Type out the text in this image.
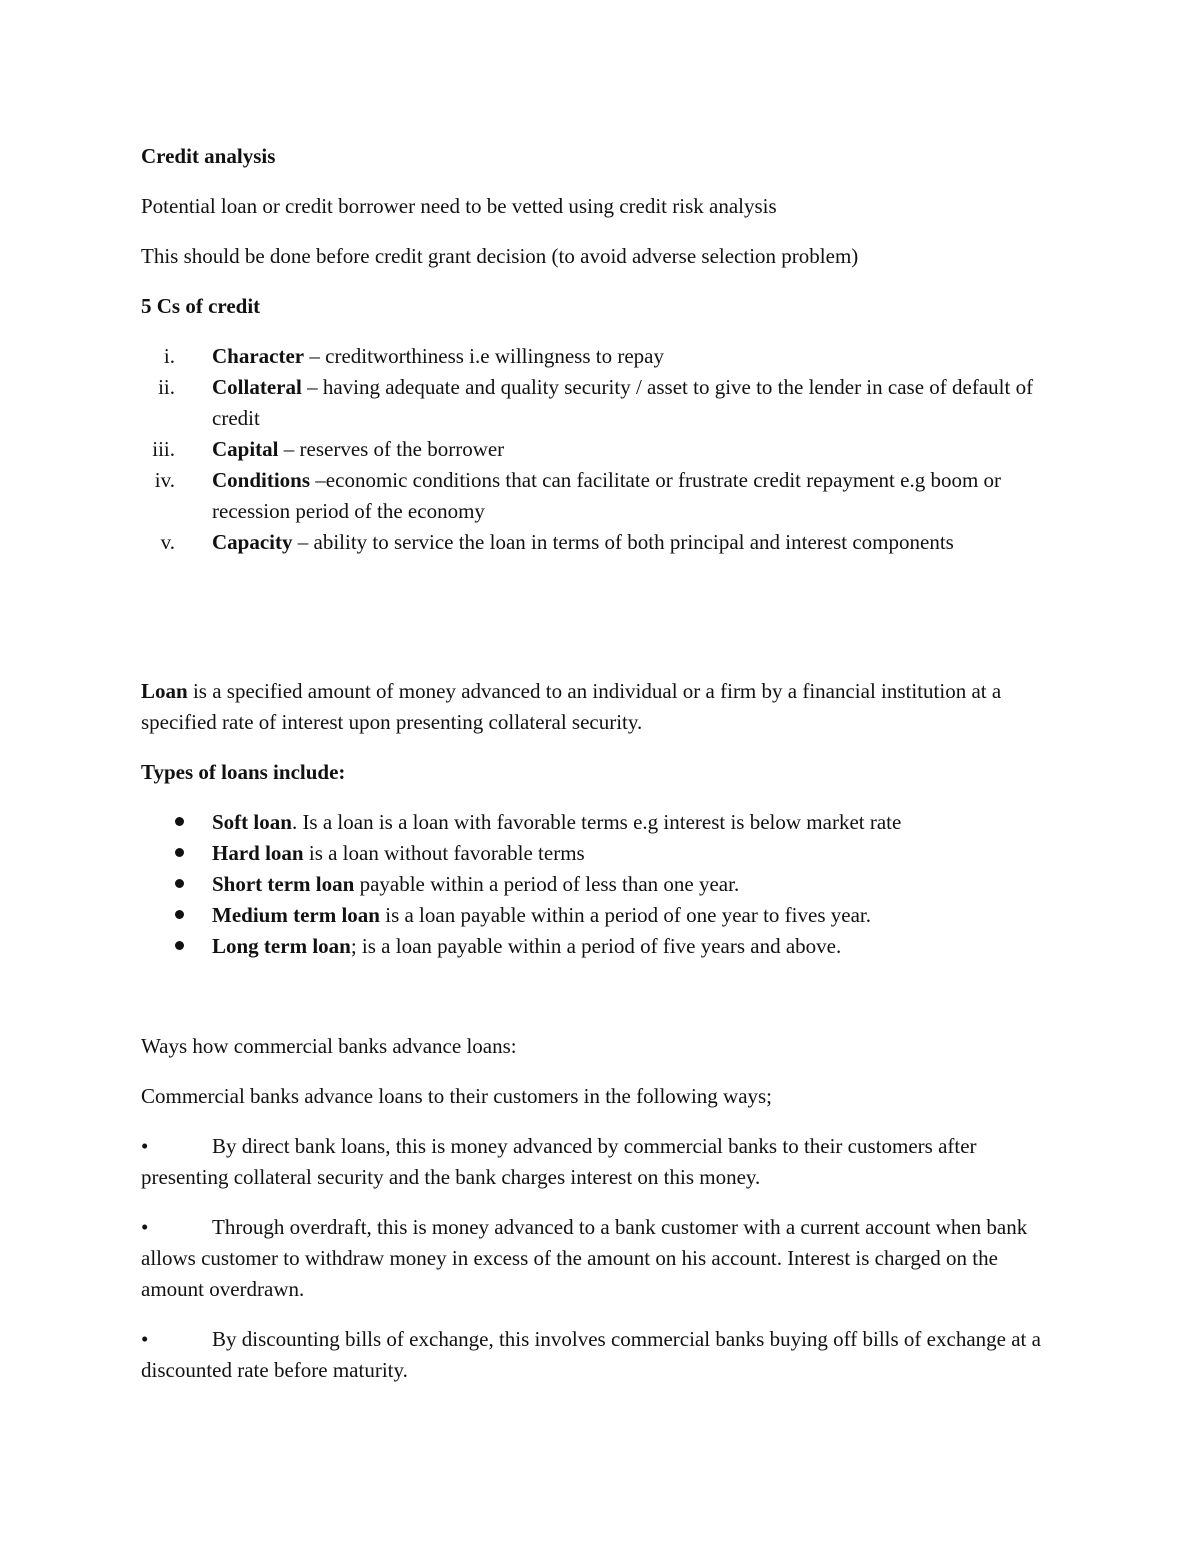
Credit analysis

Potential loan or credit borrower need to be vetted using credit risk analysis

This should be done before credit grant decision (to avoid adverse selection problem)

5 Cs of credit

i. Character – creditworthiness i.e willingness to repay
ii. Collateral – having adequate and quality security / asset to give to the lender in case of default of credit
iii. Capital – reserves of the borrower
iv. Conditions –economic conditions that can facilitate or frustrate credit repayment e.g boom or recession period of the economy
v. Capacity – ability to service the loan in terms of both principal and interest components

Loan is a specified amount of money advanced to an individual or a firm by a financial institution at a specified rate of interest upon presenting collateral security.

Types of loans include:

Soft loan. Is a loan is a loan with favorable terms e.g interest is below market rate
Hard loan is a loan without favorable terms
Short term loan payable within a period of less than one year.
Medium term loan is a loan payable within a period of one year to fives year.
Long term loan; is a loan payable within a period of five years and above.

Ways how commercial banks advance loans:

Commercial banks advance loans to their customers in the following ways;

•	By direct bank loans, this is money advanced by commercial banks to their customers after presenting collateral security and the bank charges interest on this money.

•	Through overdraft, this is money advanced to a bank customer with a current account when bank allows customer to withdraw money in excess of the amount on his account. Interest is charged on the amount overdrawn.

•	By discounting bills of exchange, this involves commercial banks buying off bills of exchange at a discounted rate before maturity.
